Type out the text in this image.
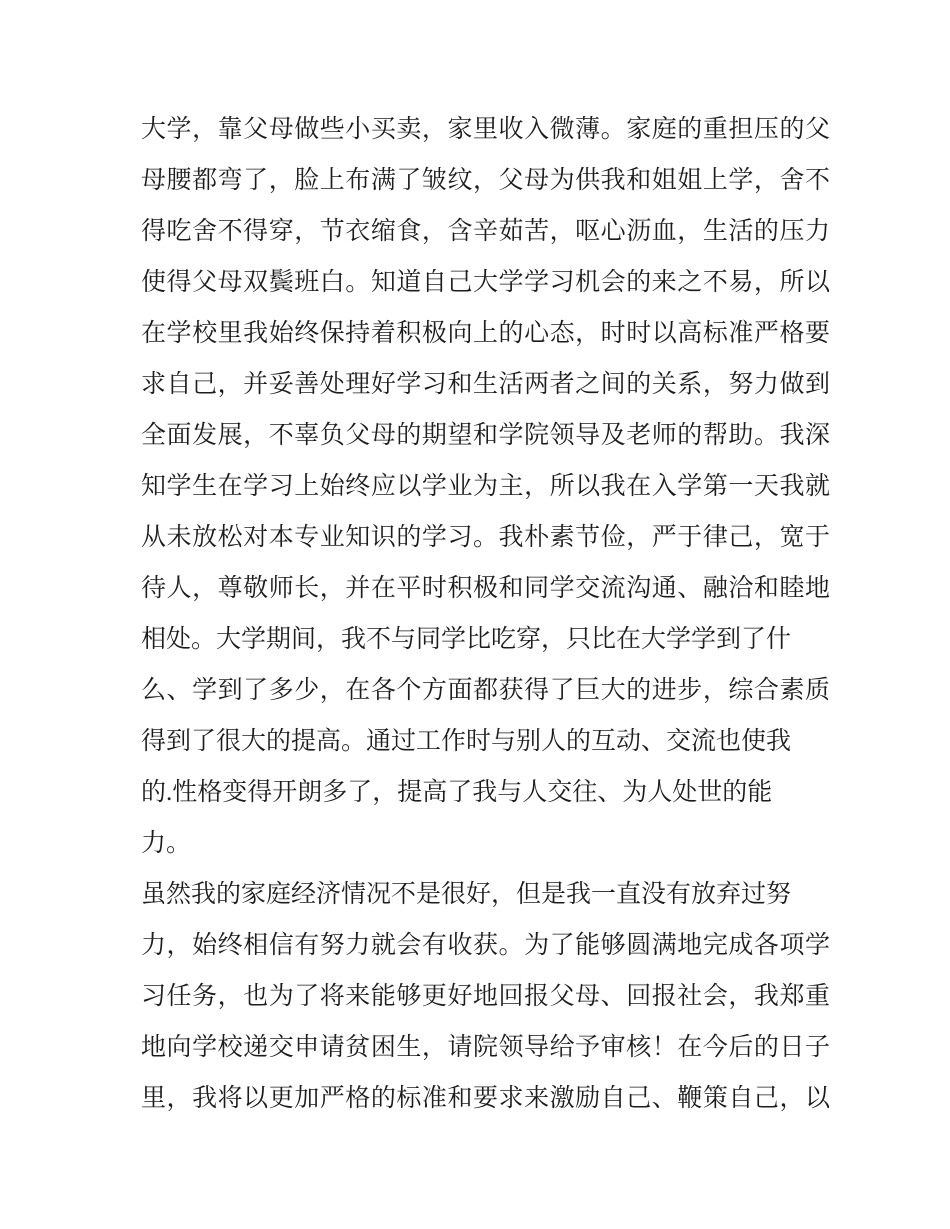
大学，靠父母做些小买卖，家里收入微薄。家庭的重担压的父
母腰都弯了，脸上布满了皱纹，父母为供我和姐姐上学，舍不
得吃舍不得穿，节衣缩食，含辛茹苦，呕心沥血，生活的压力
使得父母双鬓班白。知道自己大学学习机会的来之不易，所以
在学校里我始终保持着积极向上的心态，时时以高标准严格要
求自己，并妥善处理好学习和生活两者之间的关系，努力做到
全面发展，不辜负父母的期望和学院领导及老师的帮助。我深
知学生在学习上始终应以学业为主，所以我在入学第一天我就
从未放松对本专业知识的学习。我朴素节俭，严于律己，宽于
待人，尊敬师长，并在平时积极和同学交流沟通、融洽和睦地
相处。大学期间，我不与同学比吃穿，只比在大学学到了什
么、学到了多少，在各个方面都获得了巨大的进步，综合素质
得到了很大的提高。通过工作时与别人的互动、交流也使我
的.性格变得开朗多了，提高了我与人交往、为人处世的能
力。
虽然我的家庭经济情况不是很好，但是我一直没有放弃过努
力，始终相信有努力就会有收获。为了能够圆满地完成各项学
习任务，也为了将来能够更好地回报父母、回报社会，我郑重
地向学校递交申请贫困生，请院领导给予审核！在今后的日子
里，我将以更加严格的标准和要求来激励自己、鞭策自己，以
